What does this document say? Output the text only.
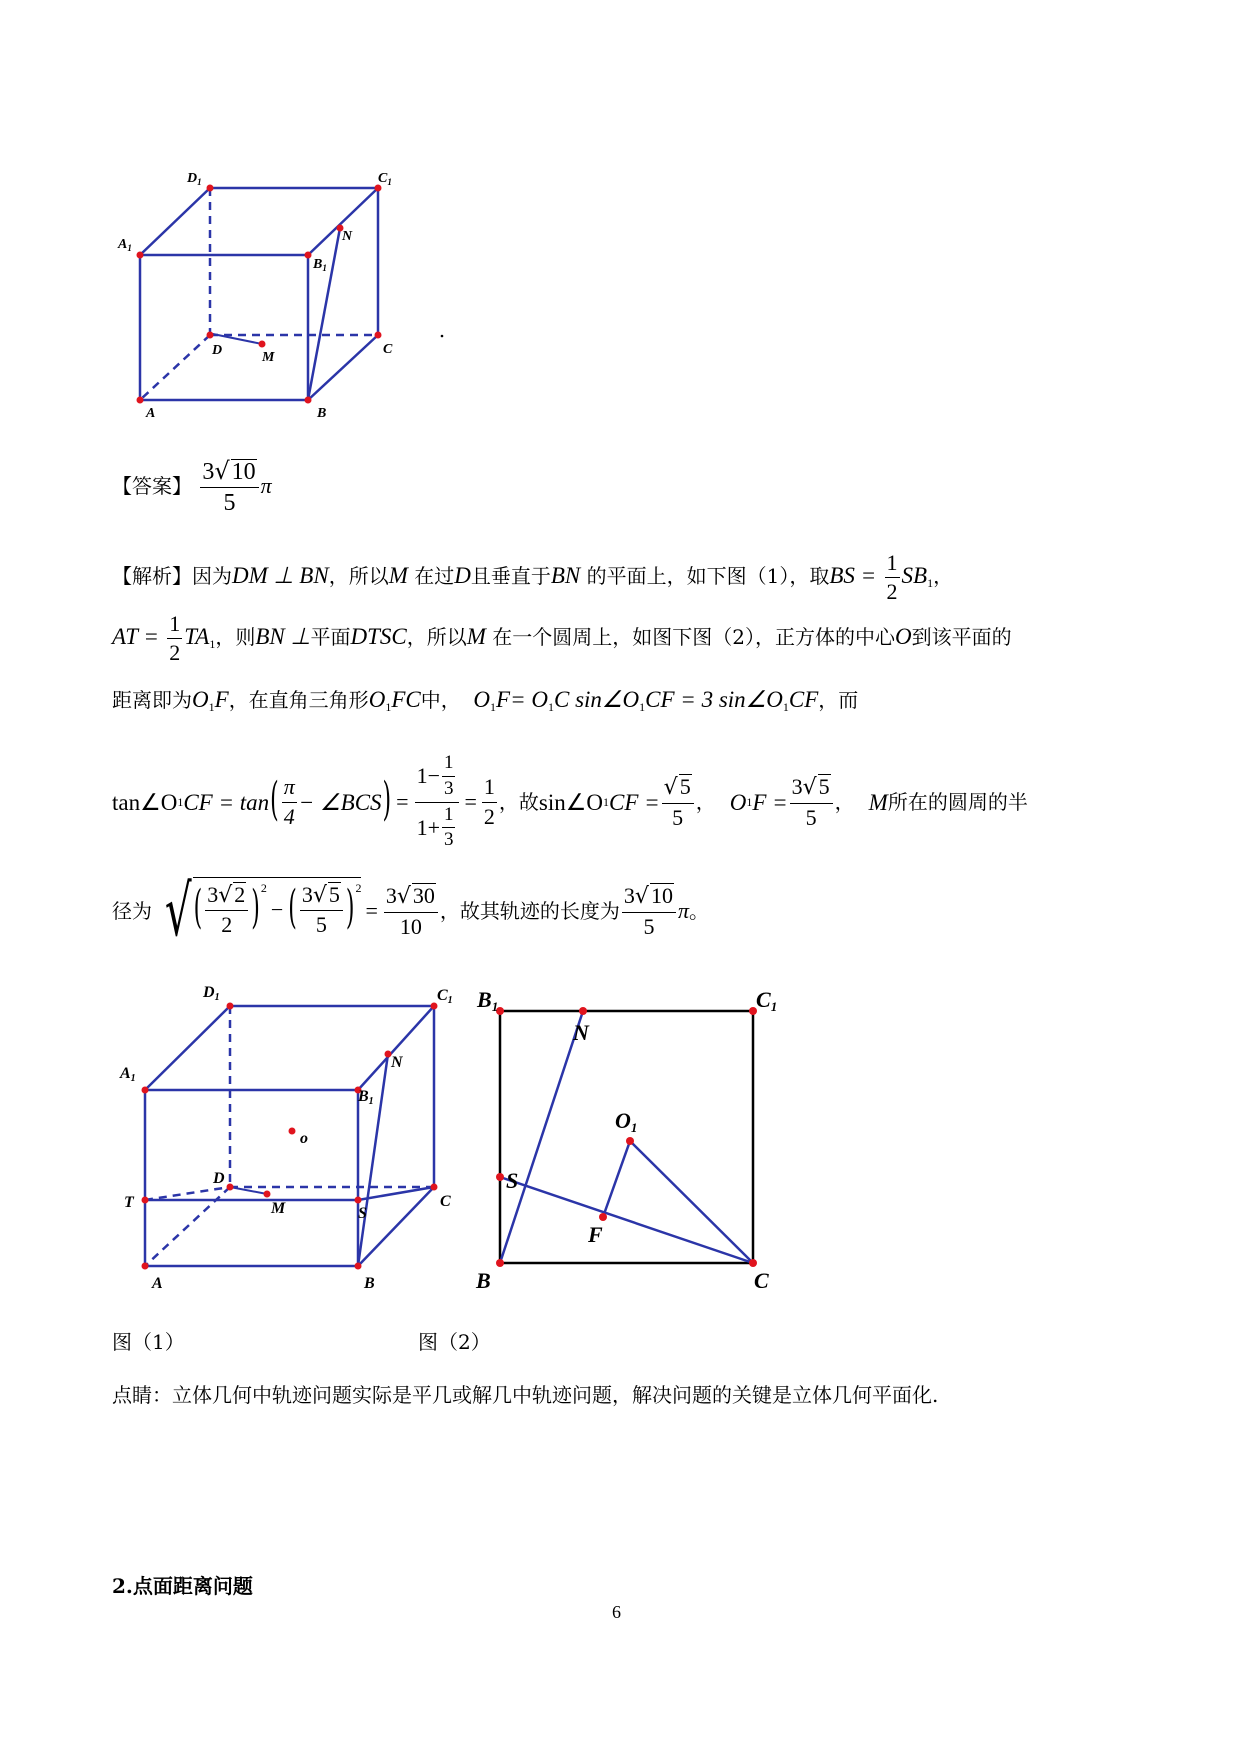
$D_1$	$C_1$
$A_1$
$B_1$
N
D	M
C
A	B
【答案】 $\frac{3√10}{5}$ π
【解析】因为DM ⊥ BN，所以M 在过D且垂直于BN 的平面上，如下图（1），取BS = $\frac{1}{2} SB_1$，
AT = $\frac{1}{2} TA_1$，则BN ⊥平面DTSC，所以M 在一个圆周上，如图下图（2），正方体的中心O到该平面的
距离即为$O_1F$，在直角三角形$O_1FC$中， $O_1F= O_1C$ $\sin\angle O_1CF = 3$ $\sin\angle O_1CF$，而
tan∠O 1 CF = tan ( $\frac{\pi}{4}$ − ∠BCS ) = $\frac{1 - \frac{1}{3}}{1 + \frac{1}{3}} = \frac{1}{2}$ ，故 sin∠O 1 CF = $\frac{√5}{5}$ ， O 1 $F = \frac{3√5}{5}$ ， M 所在的圆周的半
径为 √ ( $\frac{3√2}{2}$ ) 2
− ( $\frac{3√5}{5}$ ) 2
= $\frac{3√30}{10}$ ，故其轨迹的长度为 $\frac{3√10}{5}$ π 。
D1	C1
A1
B1
N
o
D
T	M	S
C
A	B
B1	C1
N
O1
S
F
B	C
图（1）	图（2）
点睛：立体几何中轨迹问题实际是平几或解几中轨迹问题，解决问题的关键是立体几何平面化.
2.点面距离问题
6
